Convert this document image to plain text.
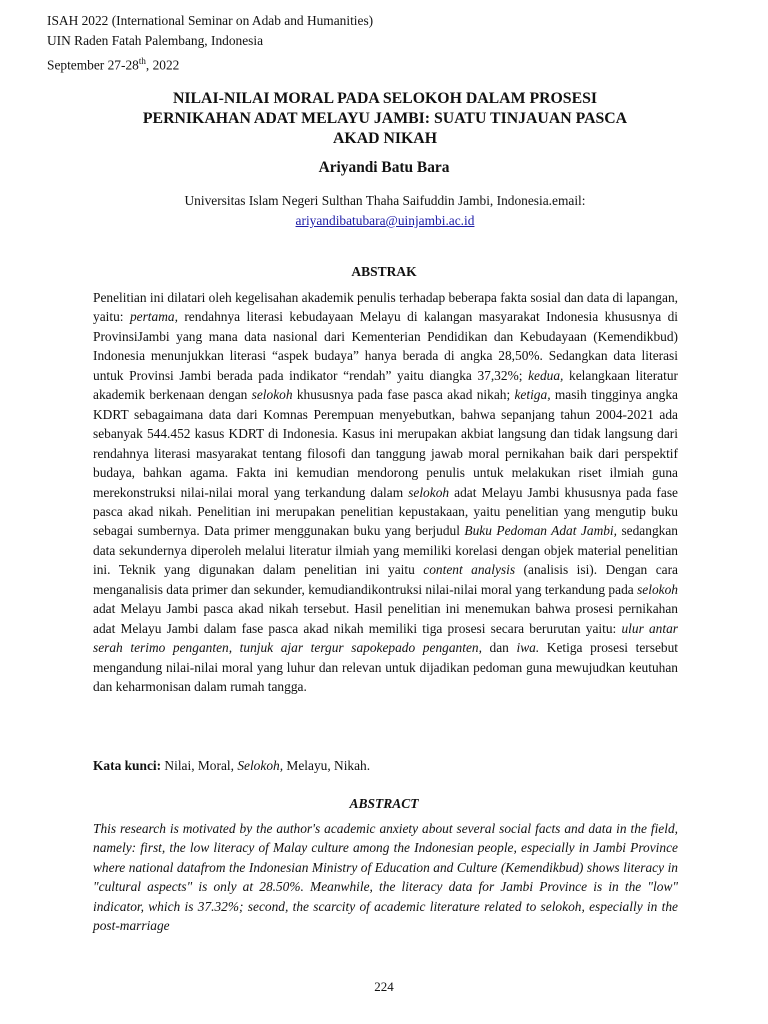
ISAH 2022 (International Seminar on Adab and Humanities)
UIN Raden Fatah Palembang, Indonesia
September 27-28th, 2022
NILAI-NILAI MORAL PADA SELOKOH DALAM PROSESI
PERNIKAHAN ADAT MELAYU JAMBI: SUATU TINJAUAN PASCA
AKAD NIKAH
Ariyandi Batu Bara
Universitas Islam Negeri Sulthan Thaha Saifuddin Jambi, Indonesia.email:
ariyandibatubara@uinjambi.ac.id
ABSTRAK
Penelitian ini dilatari oleh kegelisahan akademik penulis terhadap beberapa fakta sosial dan data di lapangan, yaitu: pertama, rendahnya literasi kebudayaan Melayu di kalangan masyarakat Indonesia khususnya di ProvinsiJambi yang mana data nasional dari Kementerian Pendidikan dan Kebudayaan (Kemendikbud) Indonesia menunjukkan literasi “aspek budaya” hanya berada di angka 28,50%. Sedangkan data literasi untuk Provinsi Jambi berada pada indikator “rendah” yaitu diangka 37,32%; kedua, kelangkaan literatur akademik berkenaan dengan selokoh khususnya pada fase pasca akad nikah; ketiga, masih tingginya angka KDRT sebagaimana data dari Komnas Perempuan menyebutkan, bahwa sepanjang tahun 2004-2021 ada sebanyak 544.452 kasus KDRT di Indonesia. Kasus ini merupakan akbiat langsung dan tidak langsung dari rendahnya literasi masyarakat tentang filosofi dan tanggung jawab moral pernikahan baik dari perspektif budaya, bahkan agama. Fakta ini kemudian mendorong penulis untuk melakukan riset ilmiah guna merekonstruksi nilai-nilai moral yang terkandung dalam selokoh adat Melayu Jambi khususnya pada fase pasca akad nikah. Penelitian ini merupakan penelitian kepustakaan, yaitu penelitian yang mengutip buku sebagai sumbernya. Data primer menggunakan buku yang berjudul Buku Pedoman Adat Jambi, sedangkan data sekundernya diperoleh melalui literatur ilmiah yang memiliki korelasi dengan objek material penelitian ini. Teknik yang digunakan dalam penelitian ini yaitu content analysis (analisis isi). Dengan cara menganalisis data primer dan sekunder, kemudiandikontruksi nilai-nilai moral yang terkandung pada selokoh adat Melayu Jambi pasca akad nikah tersebut. Hasil penelitian ini menemukan bahwa prosesi pernikahan adat Melayu Jambi dalam fase pasca akad nikah memiliki tiga prosesi secara berurutan yaitu: ulur antar serah terimo penganten, tunjuk ajar tergur sapokepado penganten, dan iwa. Ketiga prosesi tersebut mengandung nilai-nilai moral yang luhur dan relevan untuk dijadikan pedoman guna mewujudkan keutuhan dan keharmonisan dalam rumah tangga.
Kata kunci: Nilai, Moral, Selokoh, Melayu, Nikah.
ABSTRACT
This research is motivated by the author's academic anxiety about several social facts and data in the field, namely: first, the low literacy of Malay culture among the Indonesian people, especially in Jambi Province where national datafrom the Indonesian Ministry of Education and Culture (Kemendikbud) shows literacy in "cultural aspects" is only at 28.50%. Meanwhile, the literacy data for Jambi Province is in the "low" indicator, which is 37.32%; second, the scarcity of academic literature related to selokoh, especially in the post-marriage
224
